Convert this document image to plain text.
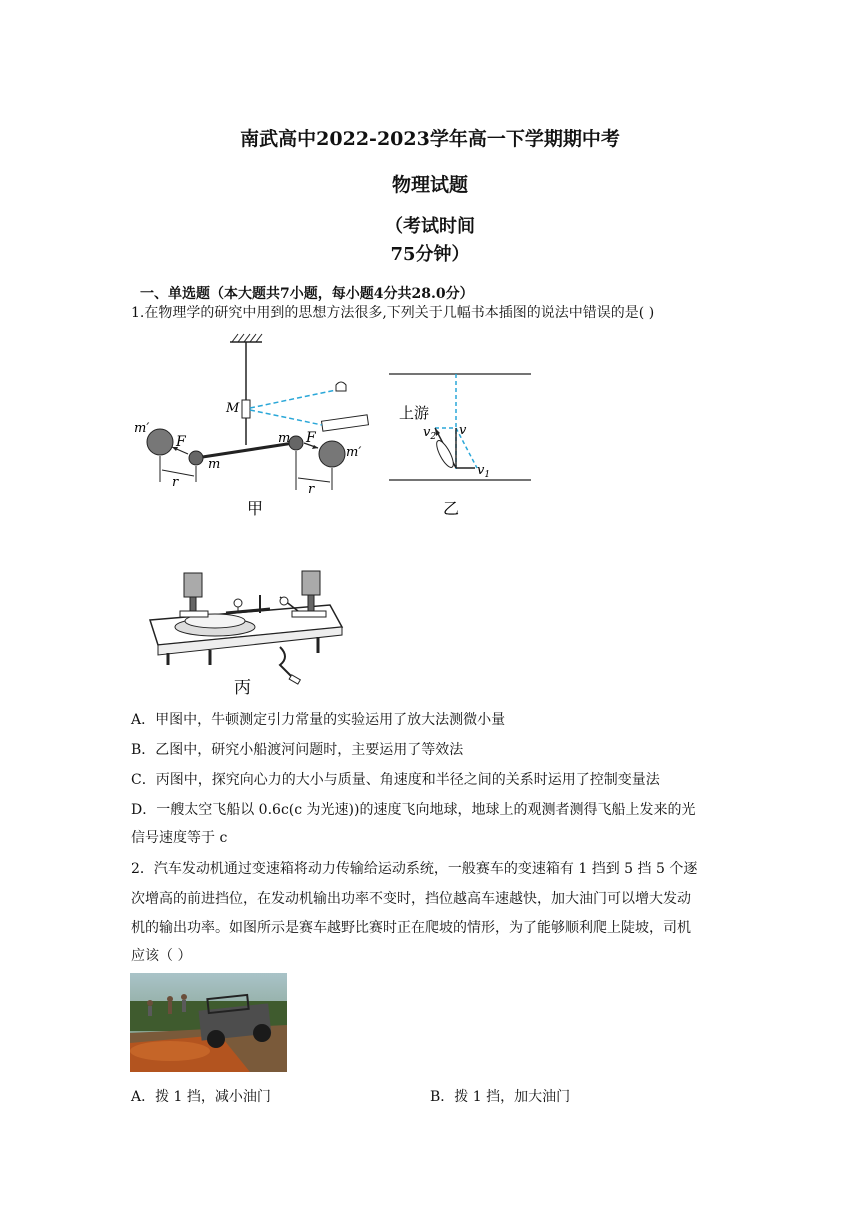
南武高中2022-2023学年高一下学期期中考
物理试题
（考试时间
75分钟）
一、单选题（本大题共7小题，每小题4分共28.0分）
1.在物理学的研究中用到的思想方法很多,下列关于几幅书本插图的说法中错误的是( )
M
m′
F
m
m F
m′
r	r
甲
上游
$v_2$ v
$v_1$
乙
丙
A．甲图中，牛顿测定引力常量的实验运用了放大法测微小量
B．乙图中，研究小船渡河问题时，主要运用了等效法
C．丙图中，探究向心力的大小与质量、角速度和半径之间的关系时运用了控制变量法
D．一艘太空飞船以 0.6c(c 为光速))的速度飞向地球，地球上的观测者测得飞船上发来的光
信号速度等于 c
2．汽车发动机通过变速箱将动力传输给运动系统，一般赛车的变速箱有 1 挡到 5 挡 5 个逐
次增高的前进挡位，在发动机输出功率不变时，挡位越高车速越快，加大油门可以增大发动
机的输出功率。如图所示是赛车越野比赛时正在爬坡的情形，为了能够顺利爬上陡坡，司机
应该（ ）
A．拨 1 挡，减小油门	B．拨 1 挡，加大油门
